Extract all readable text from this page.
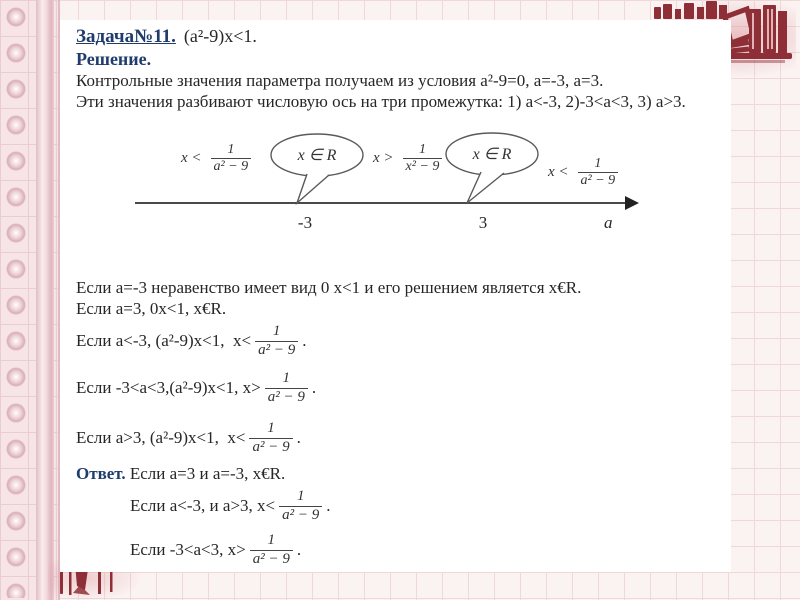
Задача№11. (а²-9)х<1.
Решение.
Контрольные значения параметра получаем из условия а²-9=0, а=-3, а=3.
Эти значения разбивают числовую ось на три промежутка: 1) а<-3, 2)-3<а<3, 3) а>3.
$x < \frac{1}{\text{a² − 9}}$	$x > \frac{1}{\text{x² − 9}}$	$x < \frac{1}{\text{a² − 9}}$
x ∈ R	x ∈ R
-3	3	a
Если а=-3 неравенство имеет вид 0 х<1 и его решением является х€R.
Если а=3, 0х<1, х€R.
Если а<-3, (а²-9)х<1,  $х< \frac{1}{\text{a² − 9}}$ .
Если -3<а<3,(а²-9)х<1, $х> \frac{1}{\text{a² − 9}}$ .
Если а>3, (а²-9)х<1,  $х< \frac{1}{\text{a² − 9}}$ .
Ответ. Если а=3 и а=-3, х€R.
Если а<-3, и а>3, $х< \frac{1}{\text{a² − 9}}$ .
Если -3<а<3, $х> \frac{1}{\text{a² − 9}}$ .
